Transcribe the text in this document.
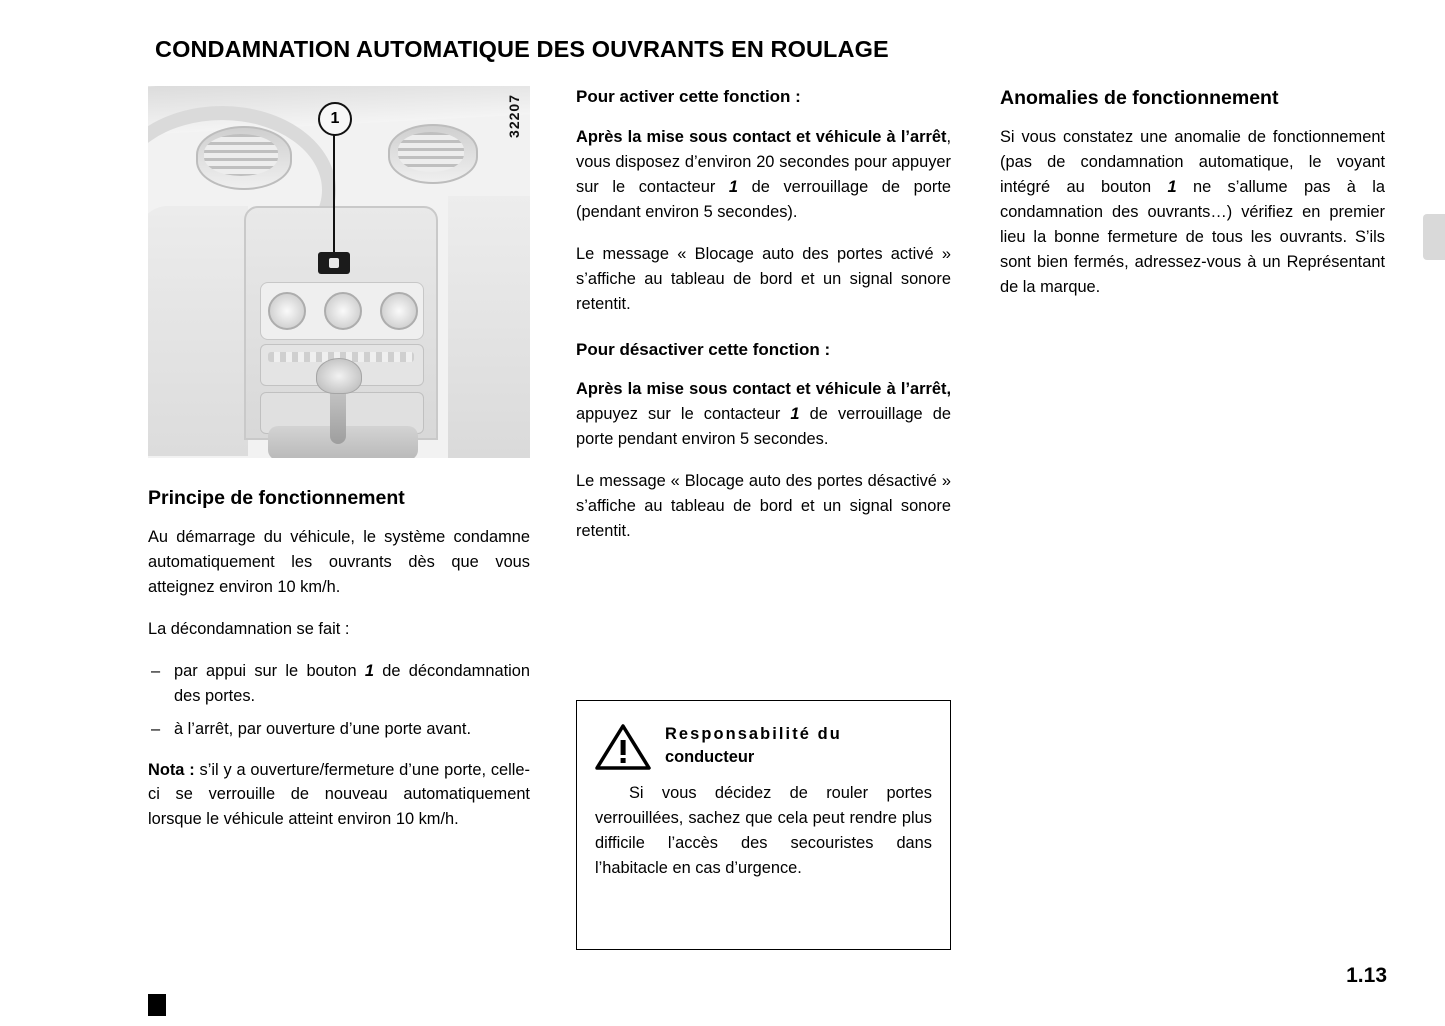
CONDAMNATION AUTOMATIQUE DES OUVRANTS EN ROULAGE
1	32207
Principe de fonctionnement

Au démarrage du véhicule, le système condamne automatiquement les ouvrants dès que vous atteignez environ 10 km/h.

La décondamnation se fait :

– par appui sur le bouton 1 de décondamnation des portes.
– à l’arrêt, par ouverture d’une porte avant.

Nota : s’il y a ouverture/fermeture d’une porte, celle-ci se verrouille de nouveau automatiquement lorsque le véhicule atteint environ 10 km/h.

Pour activer cette fonction :

Après la mise sous contact et véhicule à l’arrêt, vous disposez d’environ 20 secondes pour appuyer sur le contacteur 1 de verrouillage de porte (pendant environ 5 secondes).

Le message « Blocage auto des portes activé » s’affiche au tableau de bord et un signal sonore retentit.

Pour désactiver cette fonction :

Après la mise sous contact et véhicule à l’arrêt, appuyez sur le contacteur 1 de verrouillage de porte pendant environ 5 secondes.

Le message « Blocage auto des portes désactivé » s’affiche au tableau de bord et un signal sonore retentit.

Anomalies de fonctionnement

Si vous constatez une anomalie de fonctionnement (pas de condamnation automatique, le voyant intégré au bouton 1 ne s’allume pas à la condamnation des ouvrants…) vérifiez en premier lieu la bonne fermeture de tous les ouvrants. S’ils sont bien fermés, adressez-vous à un Représentant de la marque.

Responsabilité du
conducteur

Si vous décidez de rouler portes verrouillées, sachez que cela peut rendre plus difficile l’accès des secouristes dans l’habitacle en cas d’urgence.

1.13
